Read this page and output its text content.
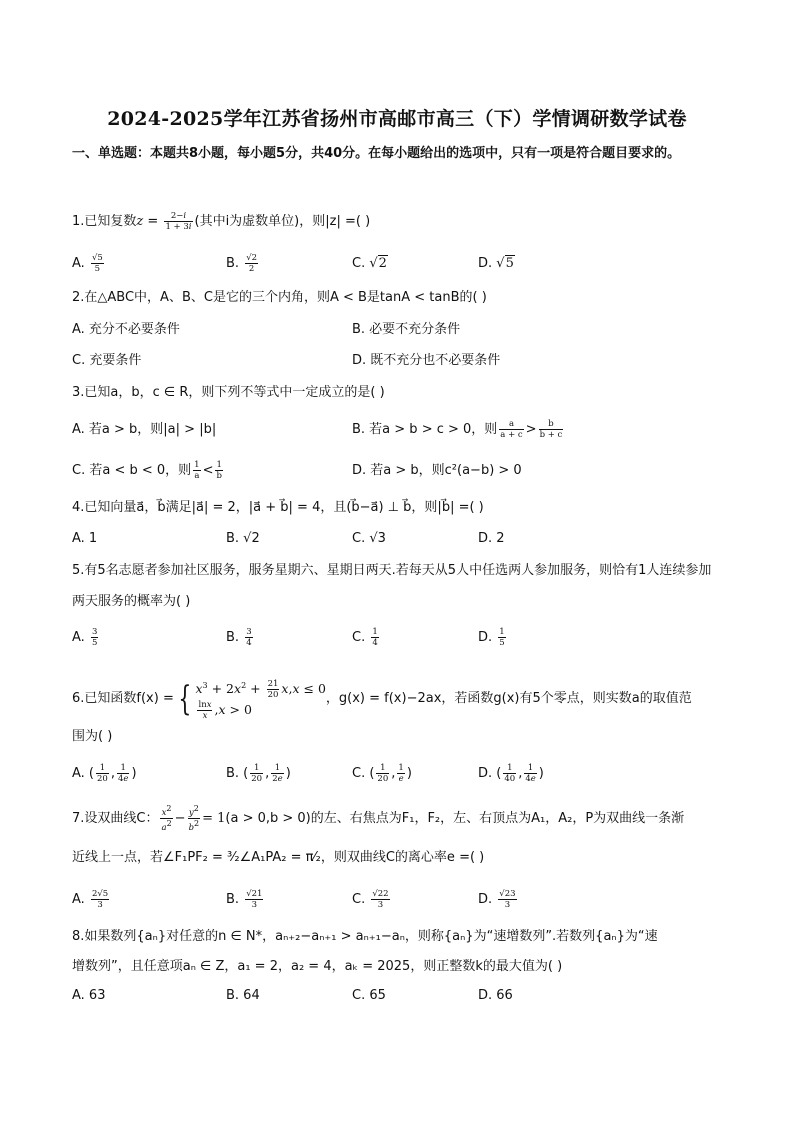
2024-2025学年江苏省扬州市高邮市高三（下）学情调研数学试卷
一、单选题：本题共8小题，每小题5分，共40分。在每小题给出的选项中，只有一项是符合题目要求的。
1.已知复数$z = \frac{2-i}{1 + 3i}$ (其中i为虚数单位)，则|z| =( )
A. $\frac{√5}{5}$	B. $\frac{√2}{2}$	C. √2	D. √5
2.在△ABC中，A、B、C是它的三个内角，则A < B是tanA < tanB的( )
A. 充分不必要条件	B. 必要不充分条件
C. 充要条件	D. 既不充分也不必要条件
3.已知a，b，c ∈ R，则下列不等式中一定成立的是( )
A. 若a > b，则|a| > |b|	B. 若a > b > c > 0，则 $\frac{a}{a + c} > \frac{b}{b + c}$
C. 若a < b < 0，则 $\frac{1}{a} < \frac{1}{b}$	D. 若a > b，则c²(a−b) > 0
4.已知向量a⃗，b⃗满足|a⃗| = 2，|a⃗ + b⃗| = 4，且(b⃗−a⃗) ⊥ b⃗，则|b⃗| =( )
A. 1	B. √2	C. √3	D. 2
5.有5名志愿者参加社区服务，服务星期六、星期日两天.若每天从5人中任选两人参加服务，则恰有1人连续参加两天服务的概率为( )
A. $\frac{3}{5}$	B. $\frac{3}{4}$	C. $\frac{1}{4}$	D. $\frac{1}{5}$
6.已知函数f(x) = { $x^3 + 2x^2 + \frac{21}{20} x,x \le 0$
$\frac{\ln x}{x} ,x > 0$
，g(x) = f(x)−2ax，若函数g(x)有5个零点，则实数a的取值范
围为( )
A. ( $\frac{1}{20}$ , $\frac{1}{4e}$ )	B. ( $\frac{1}{20}$ , $\frac{1}{2e}$ )	C. ( $\frac{1}{20}$ , $\frac{1}{e}$ )	D. ( $\frac{1}{40}$ , $\frac{1}{4e}$ )
7.设双曲线C： $\frac{x^2}{a^2} - \frac{y^2}{b^2} = 1(a > 0,b > 0)$的左、右焦点为F₁，F₂，左、右顶点为A₁，A₂，P为双曲线一条渐
近线上一点，若∠F₁PF₂ = ³⁄₂∠A₁PA₂ = π⁄₂，则双曲线C的离心率e =( )
A. $\frac{2√5}{3}$	B. $\frac{√21}{3}$	C. $\frac{√22}{3}$	D. $\frac{√23}{3}$
8.如果数列{aₙ}对任意的n ∈ N*，aₙ₊₂−aₙ₊₁ > aₙ₊₁−aₙ，则称{aₙ}为“速增数列”.若数列{aₙ}为“速
增数列”，且任意项aₙ ∈ Z，a₁ = 2，a₂ = 4，aₖ = 2025，则正整数k的最大值为( )
A. 63	B. 64	C. 65	D. 66
